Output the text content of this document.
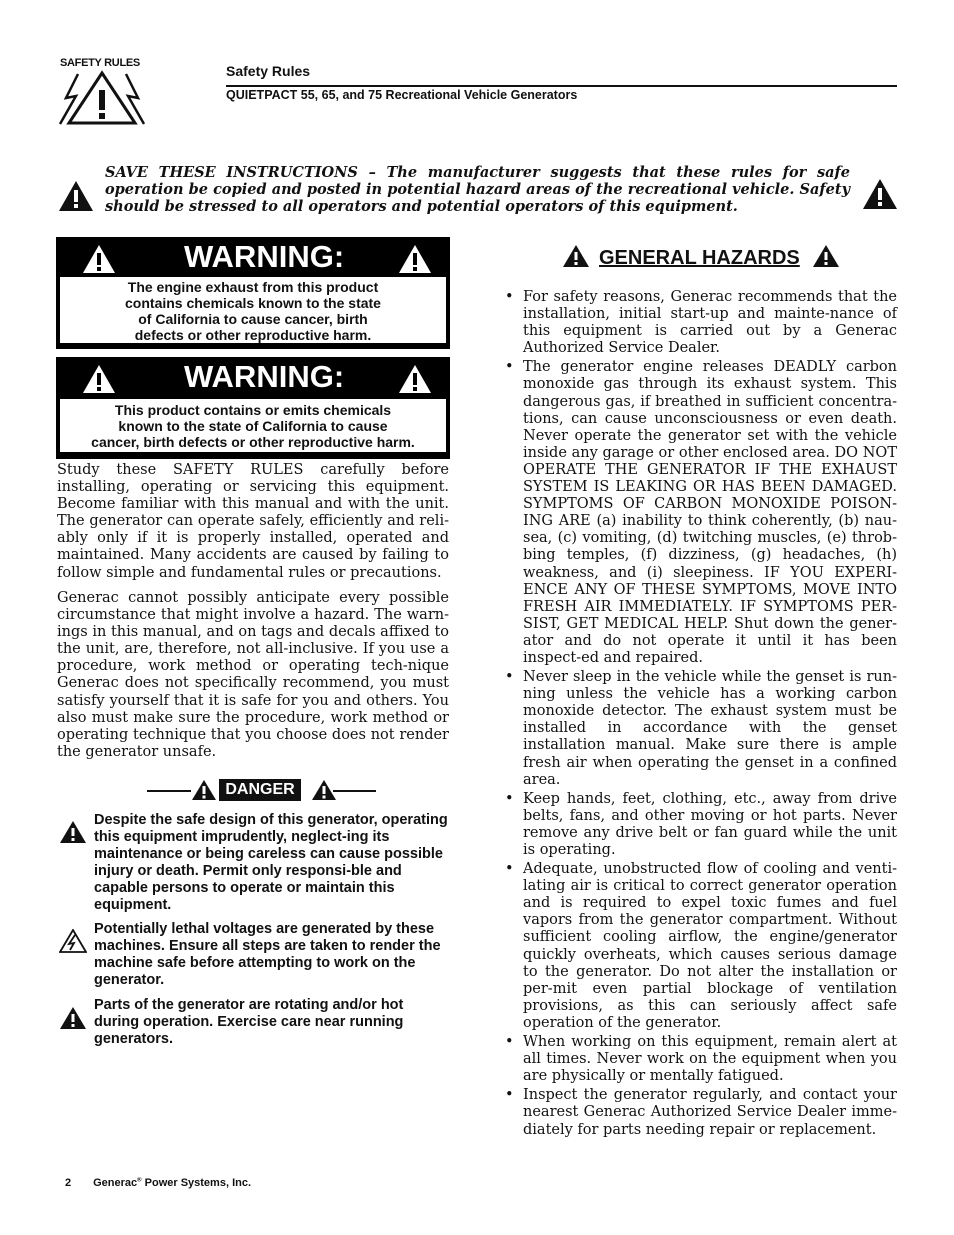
SAFETY RULES	Safety Rules
QUIETPACT 55, 65, and 75 Recreational Vehicle Generators
SAVE THESE INSTRUCTIONS – The manufacturer suggests that these rules for safe operation be copied and posted in potential hazard areas of the recreational vehicle. Safety should be stressed to all operators and potential operators of this equipment.
WARNING:
The engine exhaust from this product
contains chemicals known to the state
of California to cause cancer, birth
defects or other reproductive harm.
WARNING:
This product contains or emits chemicals
known to the state of California to cause
cancer, birth defects or other reproductive harm.
Study these SAFETY RULES carefully before installing, operating or servicing this equipment. Become familiar with this manual and with the unit. The generator can operate safely, efficiently and reli-ably only if it is properly installed, operated and maintained. Many accidents are caused by failing to follow simple and fundamental rules or precautions.
Generac cannot possibly anticipate every possible circumstance that might involve a hazard. The warn-ings in this manual, and on tags and decals affixed to the unit, are, therefore, not all-inclusive. If you use a procedure, work method or operating tech-nique Generac does not specifically recommend, you must satisfy yourself that it is safe for you and others. You also must make sure the procedure, work method or operating technique that you choose does not render the generator unsafe.
DANGER
Despite the safe design of this generator, operating this equipment imprudently, neglect-ing its maintenance or being careless can cause possible injury or death. Permit only responsi-ble and capable persons to operate or maintain this equipment.
Potentially lethal voltages are generated by these machines. Ensure all steps are taken to render the machine safe before attempting to work on the generator.
Parts of the generator are rotating and/or hot during operation. Exercise care near running generators.
GENERAL HAZARDS
• For safety reasons, Generac recommends that the installation, initial start-up and mainte-nance of this equipment is carried out by a Generac Authorized Service Dealer.
• The generator engine releases DEADLY carbon monoxide gas through its exhaust system. This dangerous gas, if breathed in sufficient concentra-tions, can cause unconsciousness or even death. Never operate the generator set with the vehicle inside any garage or other enclosed area. DO NOT OPERATE THE GENERATOR IF THE EXHAUST SYSTEM IS LEAKING OR HAS BEEN DAMAGED. SYMPTOMS OF CARBON MONOXIDE POISON-ING ARE (a) inability to think coherently, (b) nau-sea, (c) vomiting, (d) twitching muscles, (e) throb-bing temples, (f) dizziness, (g) headaches, (h) weakness, and (i) sleepiness. IF YOU EXPERI-ENCE ANY OF THESE SYMPTOMS, MOVE INTO FRESH AIR IMMEDIATELY. IF SYMPTOMS PER-SIST, GET MEDICAL HELP. Shut down the gener-ator and do not operate it until it has been inspect-ed and repaired.
• Never sleep in the vehicle while the genset is run-ning unless the vehicle has a working carbon monoxide detector. The exhaust system must be installed in accordance with the genset installation manual. Make sure there is ample fresh air when operating the genset in a confined area.
• Keep hands, feet, clothing, etc., away from drive belts, fans, and other moving or hot parts. Never remove any drive belt or fan guard while the unit is operating.
• Adequate, unobstructed flow of cooling and venti-lating air is critical to correct generator operation and is required to expel toxic fumes and fuel vapors from the generator compartment. Without sufficient cooling airflow, the engine/generator quickly overheats, which causes serious damage to the generator. Do not alter the installation or per-mit even partial blockage of ventilation provisions, as this can seriously affect safe operation of the generator.
• When working on this equipment, remain alert at all times. Never work on the equipment when you are physically or mentally fatigued.
• Inspect the generator regularly, and contact your nearest Generac Authorized Service Dealer imme-diately for parts needing repair or replacement.
2 Generac® Power Systems, Inc.
